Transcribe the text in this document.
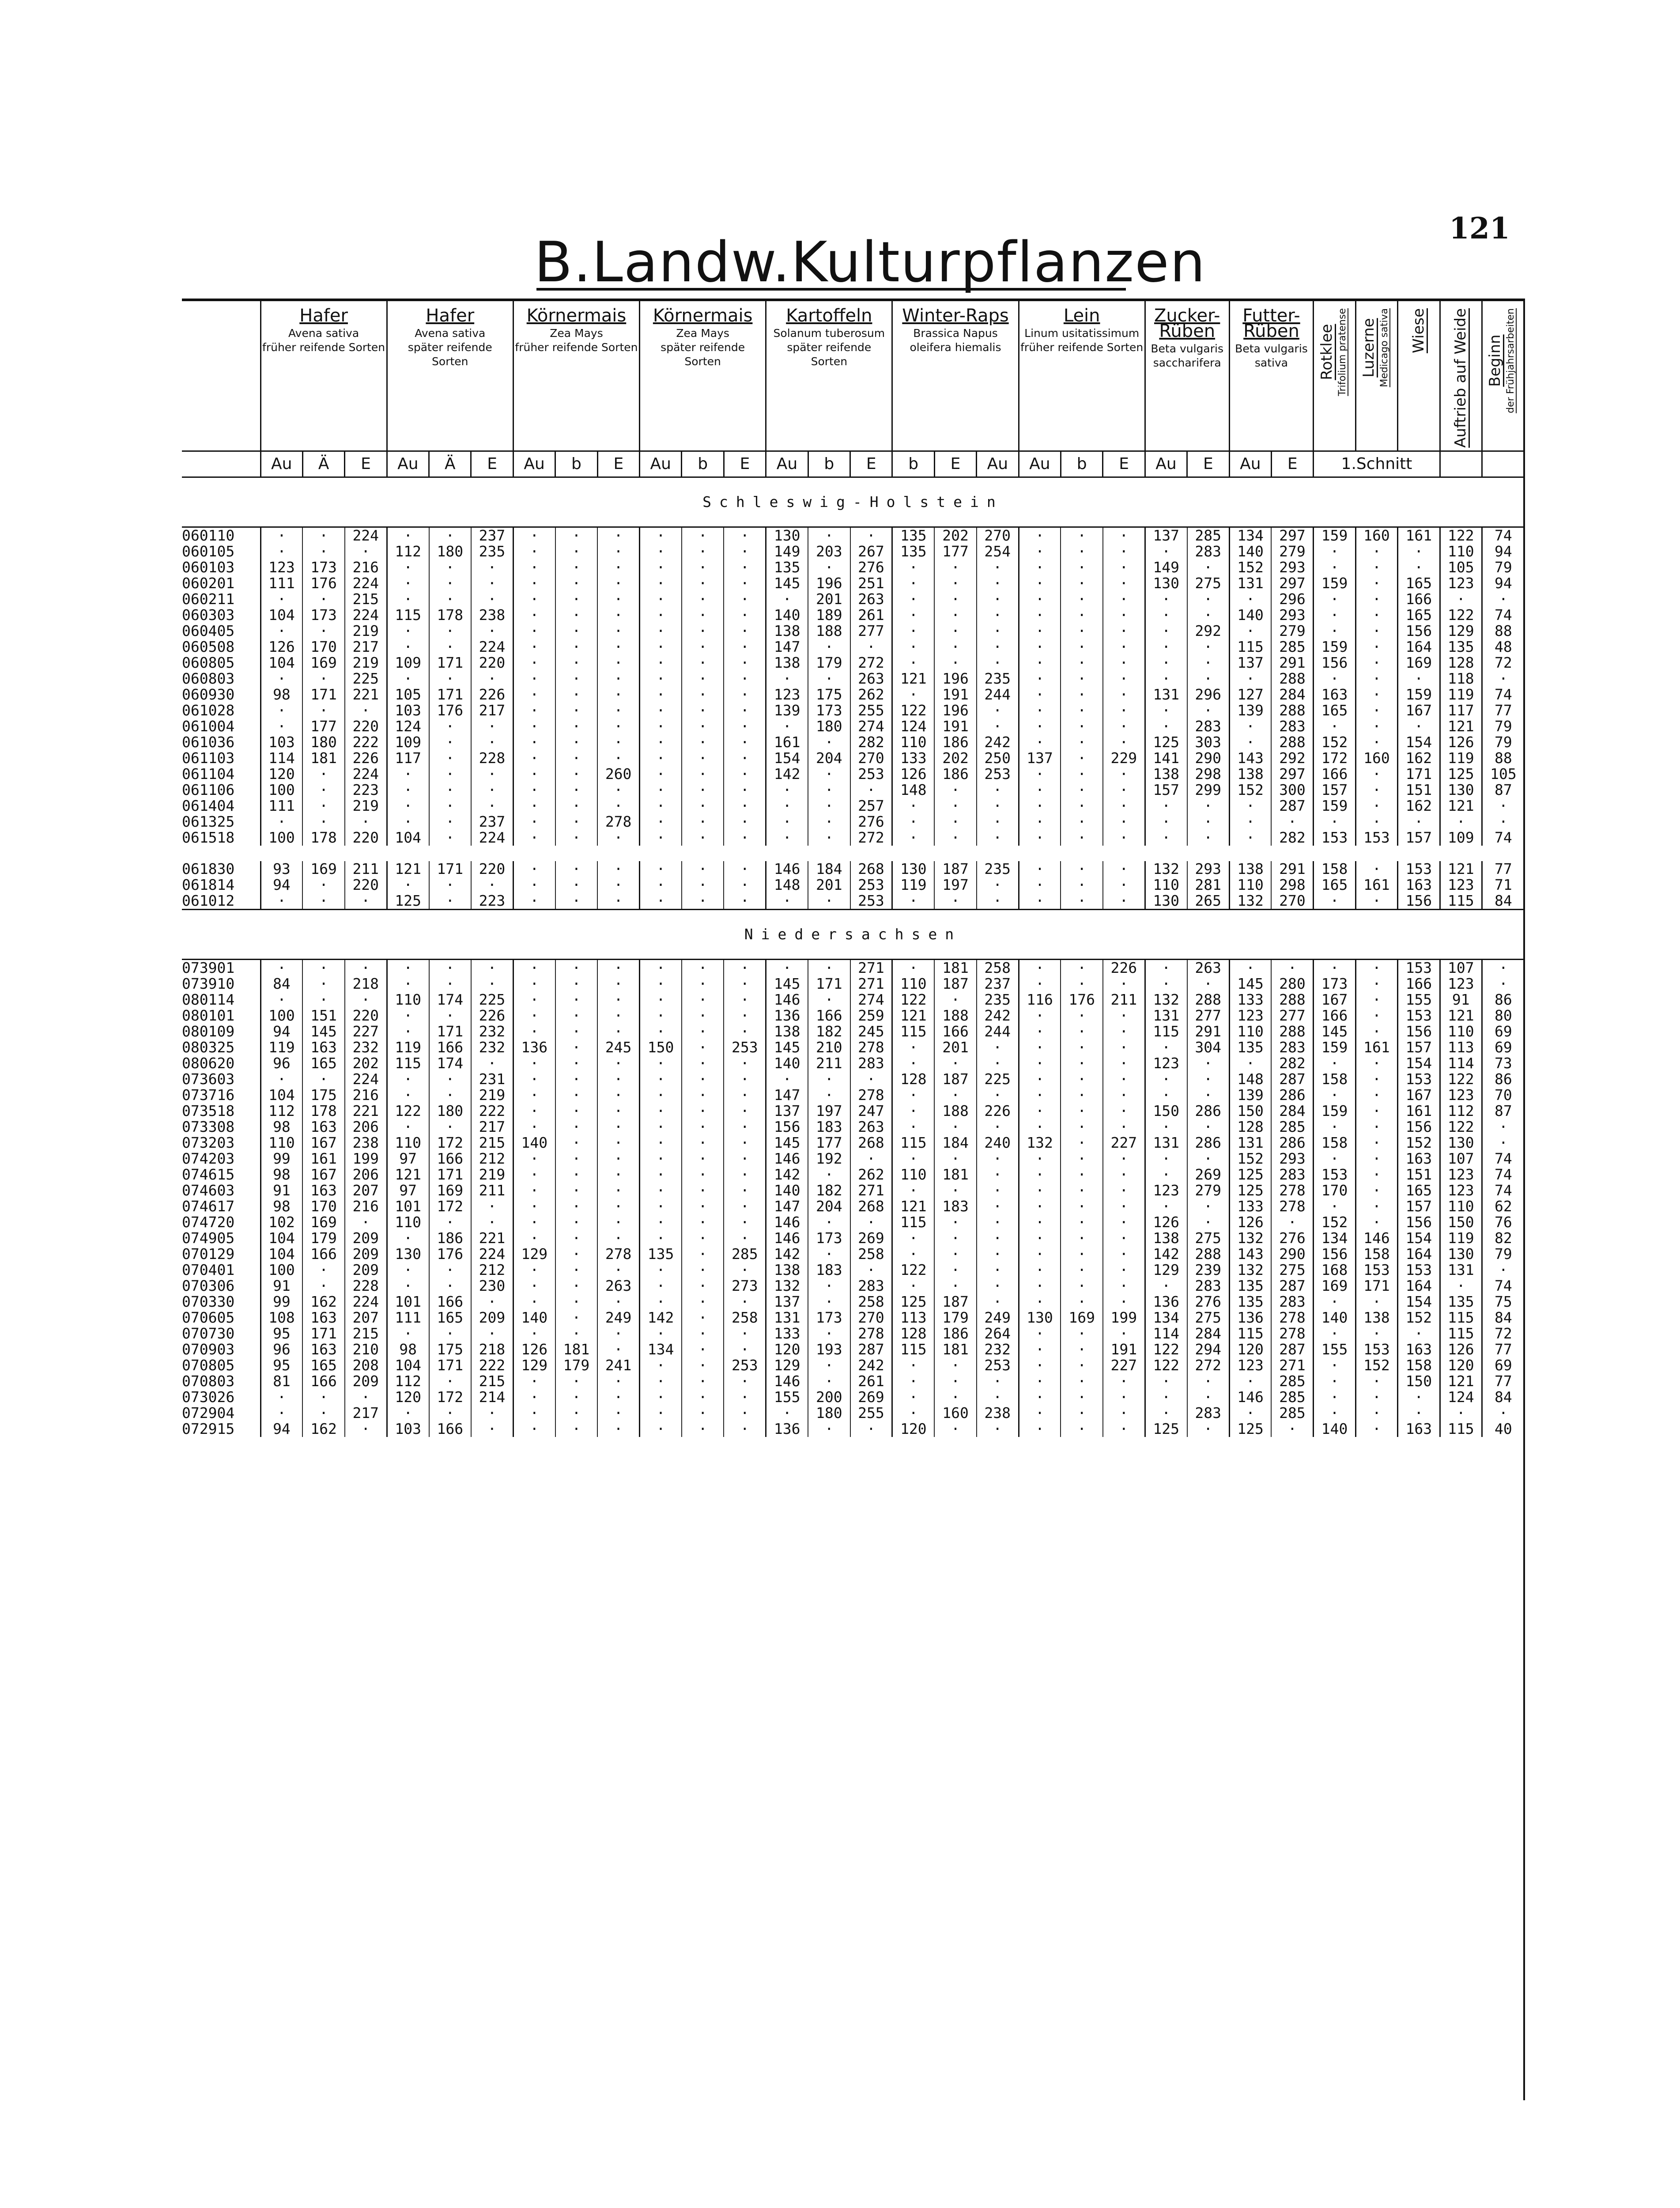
121
B.Landw.Kulturpflanzen

	Hafer
Avena sativa
früher reifende Sorten			Hafer
Avena sativa
später reifende Sorten			Körnermais
Zea Mays
früher reifende Sorten			Körnermais
Zea Mays
später reifende Sorten			Kartoffeln
Solanum tuberosum
später reifende Sorten			Winter-Raps
Brassica Napus oleifera hiemalis			Lein
Linum usitatissimum
früher reifende Sorten			Zucker-Rüben
Beta vulgaris saccharifera		Futter-Rüben
Beta vulgaris sativa		Rotklee Trifolium pratense	Luzerne Medicago sativa	Wiese	Auftrieb auf Weide	Beginn der Frühjahrsarbeiten

	Au	Ä	E	Au	Ä	E	Au	b	E	Au	b	E	Au	b	E	b	E	Au	Au	b	E	Au	E	Au	E	1.Schnitt				
Schleswig-Holstein																														
060110	·	·	224	·	·	237	·	·	·	·	·	·	130	·	·	135	202	270	·	·	·	137	285	134	297	159	160	161	122	74
060105	·	·	·	112	180	235	·	·	·	·	·	·	149	203	267	135	177	254	·	·	·	·	283	140	279	·	·	·	110	94
060103	123	173	216	·	·	·	·	·	·	·	·	·	135	·	276	·	·	·	·	·	·	149	·	152	293	·	·	·	105	79
060201	111	176	224	·	·	·	·	·	·	·	·	·	145	196	251	·	·	·	·	·	·	130	275	131	297	159	·	165	123	94
060211	·	·	215	·	·	·	·	·	·	·	·	·	·	201	263	·	·	·	·	·	·	·	·	·	296	·	·	166	·	·
060303	104	173	224	115	178	238	·	·	·	·	·	·	140	189	261	·	·	·	·	·	·	·	·	140	293	·	·	165	122	74
060405	·	·	219	·	·	·	·	·	·	·	·	·	138	188	277	·	·	·	·	·	·	·	292	·	279	·	·	156	129	88
060508	126	170	217	·	·	224	·	·	·	·	·	·	147	·	·	·	·	·	·	·	·	·	·	115	285	159	·	164	135	48
060805	104	169	219	109	171	220	·	·	·	·	·	·	138	179	272	·	·	·	·	·	·	·	·	137	291	156	·	169	128	72
060803	·	·	225	·	·	·	·	·	·	·	·	·	·	·	263	121	196	235	·	·	·	·	·	·	288	·	·	·	118	·
060930	98	171	221	105	171	226	·	·	·	·	·	·	123	175	262	·	191	244	·	·	·	131	296	127	284	163	·	159	119	74
061028	·	·	·	103	176	217	·	·	·	·	·	·	139	173	255	122	196	·	·	·	·	·	·	139	288	165	·	167	117	77
061004	·	177	220	124	·	·	·	·	·	·	·	·	·	180	274	124	191	·	·	·	·	·	283	·	283	·	·	·	121	79
061036	103	180	222	109	·	·	·	·	·	·	·	·	161	·	282	110	186	242	·	·	·	125	303	·	288	152	·	154	126	79
061103	114	181	226	117	·	228	·	·	·	·	·	·	154	204	270	133	202	250	137	·	229	141	290	143	292	172	160	162	119	88
061104	120	·	224	·	·	·	·	·	260	·	·	·	142	·	253	126	186	253	·	·	·	138	298	138	297	166	·	171	125	105
061106	100	·	223	·	·	·	·	·	·	·	·	·	·	·	·	148	·	·	·	·	·	157	299	152	300	157	·	151	130	87
061404	111	·	219	·	·	·	·	·	·	·	·	·	·	·	257	·	·	·	·	·	·	·	·	·	287	159	·	162	121	·
061325	·	·	·	·	·	237	·	·	278	·	·	·	·	·	276	·	·	·	·	·	·	·	·	·	·	·	·	·	·	·
061518	100	178	220	104	·	224	·	·	·	·	·	·	·	·	272	·	·	·	·	·	·	·	·	·	282	153	153	157	109	74

061830	93	169	211	121	171	220	·	·	·	·	·	·	146	184	268	130	187	235	·	·	·	132	293	138	291	158	·	153	121	77
061814	94	·	220	·	·	·	·	·	·	·	·	·	148	201	253	119	197	·	·	·	·	110	281	110	298	165	161	163	123	71
061012	·	·	·	125	·	223	·	·	·	·	·	·	·	·	253	·	·	·	·	·	·	130	265	132	270	·	·	156	115	84
Niedersachsen																														
073901	·	·	·	·	·	·	·	·	·	·	·	·	·	·	271	·	181	258	·	·	226	·	263	·	·	·	·	153	107	·
073910	84	·	218	·	·	·	·	·	·	·	·	·	145	171	271	110	187	237	·	·	·	·	·	145	280	173	·	166	123	·
080114	·	·	·	110	174	225	·	·	·	·	·	·	146	·	274	122	·	235	116	176	211	132	288	133	288	167	·	155	91	86
080101	100	151	220	·	·	226	·	·	·	·	·	·	136	166	259	121	188	242	·	·	·	131	277	123	277	166	·	153	121	80
080109	94	145	227	·	171	232	·	·	·	·	·	·	138	182	245	115	166	244	·	·	·	115	291	110	288	145	·	156	110	69
080325	119	163	232	119	166	232	136	·	245	150	·	253	145	210	278	·	201	·	·	·	·	·	304	135	283	159	161	157	113	69
080620	96	165	202	115	174	·	·	·	·	·	·	·	140	211	283	·	·	·	·	·	·	123	·	·	282	·	·	154	114	73
073603	·	·	224	·	·	231	·	·	·	·	·	·	·	·	·	128	187	225	·	·	·	·	·	148	287	158	·	153	122	86
073716	104	175	216	·	·	219	·	·	·	·	·	·	147	·	278	·	·	·	·	·	·	·	·	139	286	·	·	167	123	70
073518	112	178	221	122	180	222	·	·	·	·	·	·	137	197	247	·	188	226	·	·	·	150	286	150	284	159	·	161	112	87
073308	98	163	206	·	·	217	·	·	·	·	·	·	156	183	263	·	·	·	·	·	·	·	·	128	285	·	·	156	122	·
073203	110	167	238	110	172	215	140	·	·	·	·	·	145	177	268	115	184	240	132	·	227	131	286	131	286	158	·	152	130	·
074203	99	161	199	97	166	212	·	·	·	·	·	·	146	192	·	·	·	·	·	·	·	·	·	152	293	·	·	163	107	74
074615	98	167	206	121	171	219	·	·	·	·	·	·	142	·	262	110	181	·	·	·	·	·	269	125	283	153	·	151	123	74
074603	91	163	207	97	169	211	·	·	·	·	·	·	140	182	271	·	·	·	·	·	·	123	279	125	278	170	·	165	123	74
074617	98	170	216	101	172	·	·	·	·	·	·	·	147	204	268	121	183	·	·	·	·	·	·	133	278	·	·	157	110	62
074720	102	169	·	110	·	·	·	·	·	·	·	·	146	·	·	115	·	·	·	·	·	126	·	126	·	152	·	156	150	76
074905	104	179	209	·	186	221	·	·	·	·	·	·	146	173	269	·	·	·	·	·	·	138	275	132	276	134	146	154	119	82
070129	104	166	209	130	176	224	129	·	278	135	·	285	142	·	258	·	·	·	·	·	·	142	288	143	290	156	158	164	130	79
070401	100	·	209	·	·	212	·	·	·	·	·	·	138	183	·	122	·	·	·	·	·	129	239	132	275	168	153	153	131	·
070306	91	·	228	·	·	230	·	·	263	·	·	273	132	·	283	·	·	·	·	·	·	·	283	135	287	169	171	164	·	74
070330	99	162	224	101	166	·	·	·	·	·	·	·	137	·	258	125	187	·	·	·	·	136	276	135	283	·	·	154	135	75
070605	108	163	207	111	165	209	140	·	249	142	·	258	131	173	270	113	179	249	130	169	199	134	275	136	278	140	138	152	115	84
070730	95	171	215	·	·	·	·	·	·	·	·	·	133	·	278	128	186	264	·	·	·	114	284	115	278	·	·	·	115	72
070903	96	163	210	98	175	218	126	181	·	134	·	·	120	193	287	115	181	232	·	·	191	122	294	120	287	155	153	163	126	77
070805	95	165	208	104	171	222	129	179	241	·	·	253	129	·	242	·	·	253	·	·	227	122	272	123	271	·	152	158	120	69
070803	81	166	209	112	·	215	·	·	·	·	·	·	146	·	261	·	·	·	·	·	·	·	·	·	285	·	·	150	121	77
073026	·	·	·	120	172	214	·	·	·	·	·	·	155	200	269	·	·	·	·	·	·	·	·	146	285	·	·	·	124	84
072904	·	·	217	·	·	·	·	·	·	·	·	·	·	180	255	·	160	238	·	·	·	·	283	·	285	·	·	·	·	·
072915	94	162	·	103	166	·	·	·	·	·	·	·	136	·	·	120	·	·	·	·	·	125	·	125	·	140	·	163	115	40
